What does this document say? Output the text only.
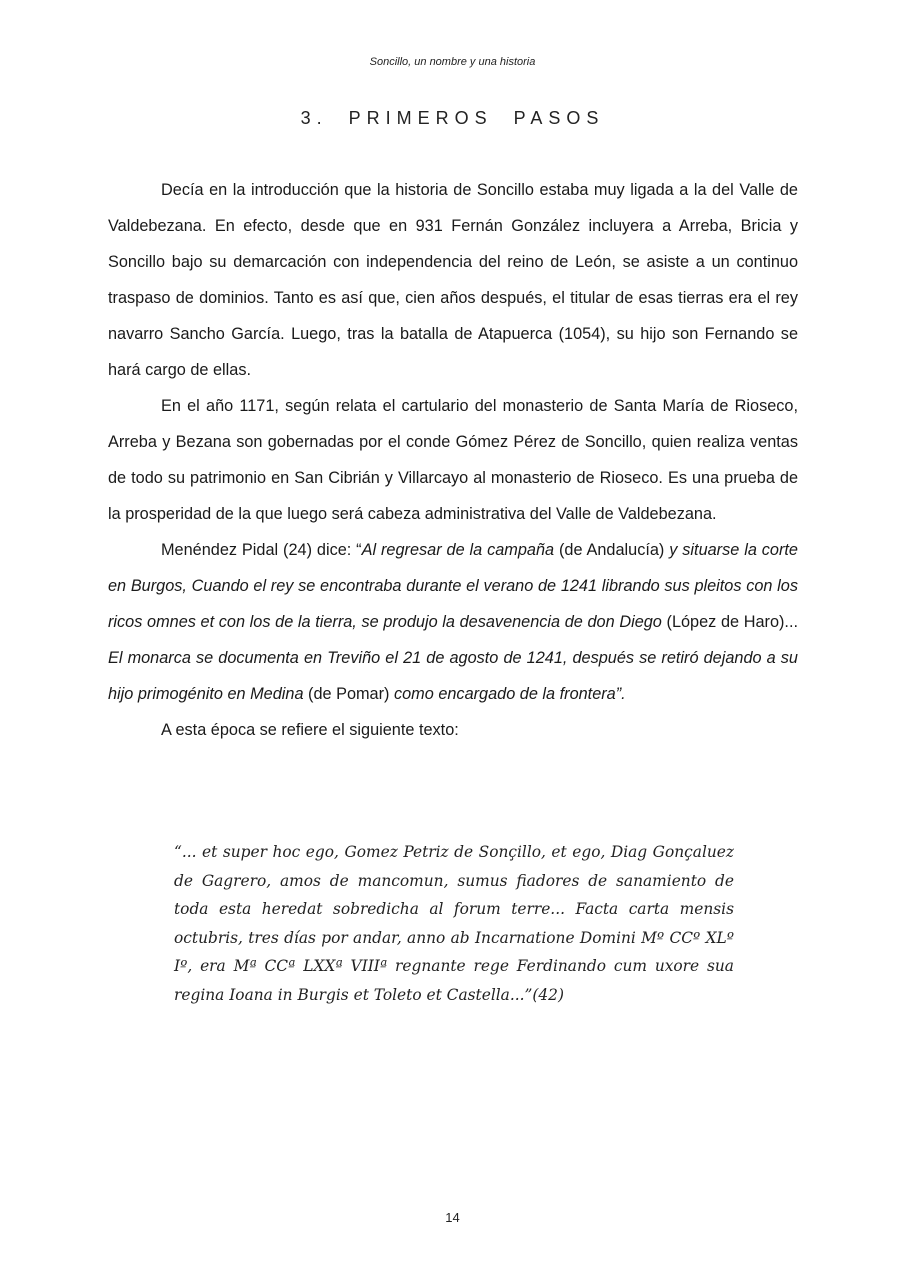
Soncillo, un nombre y una historia
3. PRIMEROS PASOS

Decía en la introducción que la historia de Soncillo estaba muy ligada a la del Valle de Valdebezana. En efecto, desde que en 931 Fernán González incluyera a Arreba, Bricia y Soncillo bajo su demarcación con independencia del reino de León, se asiste a un continuo traspaso de dominios. Tanto es así que, cien años después, el titular de esas tierras era el rey navarro Sancho García. Luego, tras la batalla de Atapuerca (1054), su hijo son Fernando se hará cargo de ellas.

En el año 1171, según relata el cartulario del monasterio de Santa María de Rioseco, Arreba y Bezana son gobernadas por el conde Gómez Pérez de Soncillo, quien realiza ventas de todo su patrimonio en San Cibrián y Villarcayo al monasterio de Rioseco. Es una prueba de la prosperidad de la que luego será cabeza administrativa del Valle de Valdebezana.

Menéndez Pidal (24) dice: “Al regresar de la campaña (de Andalucía) y situarse la corte en Burgos, Cuando el rey se encontraba durante el verano de 1241 librando sus pleitos con los ricos omnes et con los de la tierra, se produjo la desavenencia de don Diego (López de Haro)... El monarca se documenta en Treviño el 21 de agosto de 1241, después se retiró dejando a su hijo primogénito en Medina (de Pomar) como encargado de la frontera”.

A esta época se refiere el siguiente texto:

“... et super hoc ego, Gomez Petriz de Sonçillo, et ego, Diag Gonçaluez de Gagrero, amos de mancomun, sumus fiadores de sanamiento de toda esta heredat sobredicha al forum terre... Facta carta mensis octubris, tres días por andar, anno ab Incarnatione Domini Mº CCº XLº Iº, era Mª CCª LXXª VIIIª regnante rege Ferdinando cum uxore sua regina Ioana in Burgis et Toleto et Castella...”(42)
14
